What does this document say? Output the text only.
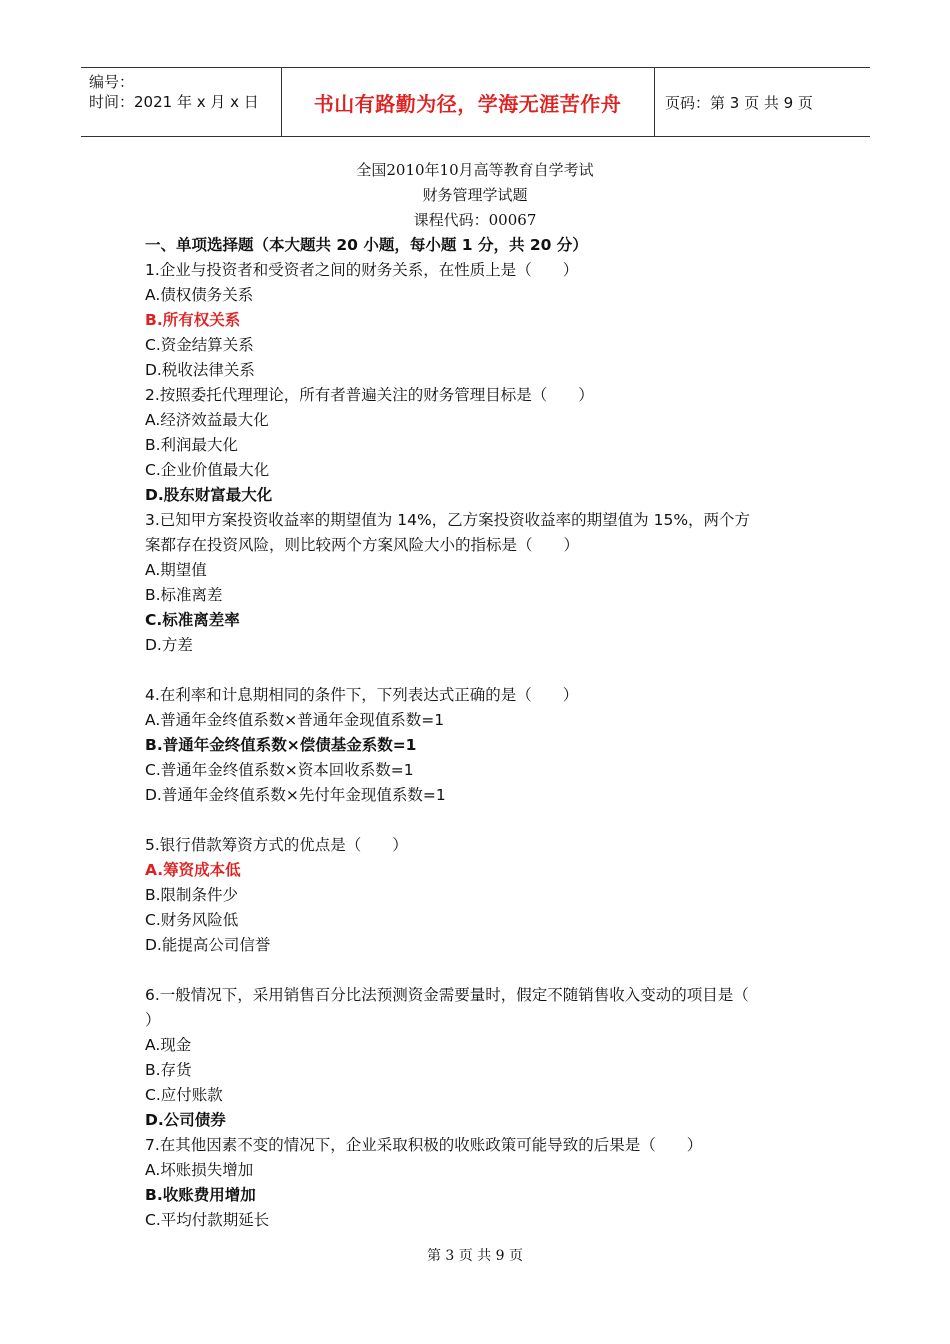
编号：
时间：2021 年 x 月 x 日	书山有路勤为径，学海无涯苦作舟	页码：第 3 页 共 9 页
全国2010年10月高等教育自学考试
财务管理学试题
课程代码：00067
一、单项选择题（本大题共 20 小题，每小题 1 分，共 20 分）
1.企业与投资者和受资者之间的财务关系，在性质上是（　　）
A.债权债务关系
B.所有权关系
C.资金结算关系
D.税收法律关系
2.按照委托代理理论，所有者普遍关注的财务管理目标是（　　）
A.经济效益最大化
B.利润最大化
C.企业价值最大化
D.股东财富最大化
3.已知甲方案投资收益率的期望值为 14%，乙方案投资收益率的期望值为 15%，两个方
案都存在投资风险，则比较两个方案风险大小的指标是（　　）
A.期望值
B.标准离差
C.标准离差率
D.方差
4.在利率和计息期相同的条件下，下列表达式正确的是（　　）
A.普通年金终值系数×普通年金现值系数=1
B.普通年金终值系数×偿债基金系数=1
C.普通年金终值系数×资本回收系数=1
D.普通年金终值系数×先付年金现值系数=1
5.银行借款筹资方式的优点是（　　）
A.筹资成本低
B.限制条件少
C.财务风险低
D.能提高公司信誉
6.一般情况下，采用销售百分比法预测资金需要量时，假定不随销售收入变动的项目是（
）
A.现金
B.存货
C.应付账款
D.公司债券
7.在其他因素不变的情况下，企业采取积极的收账政策可能导致的后果是（　　）
A.坏账损失增加
B.收账费用增加
C.平均付款期延长
第 3 页 共 9 页
